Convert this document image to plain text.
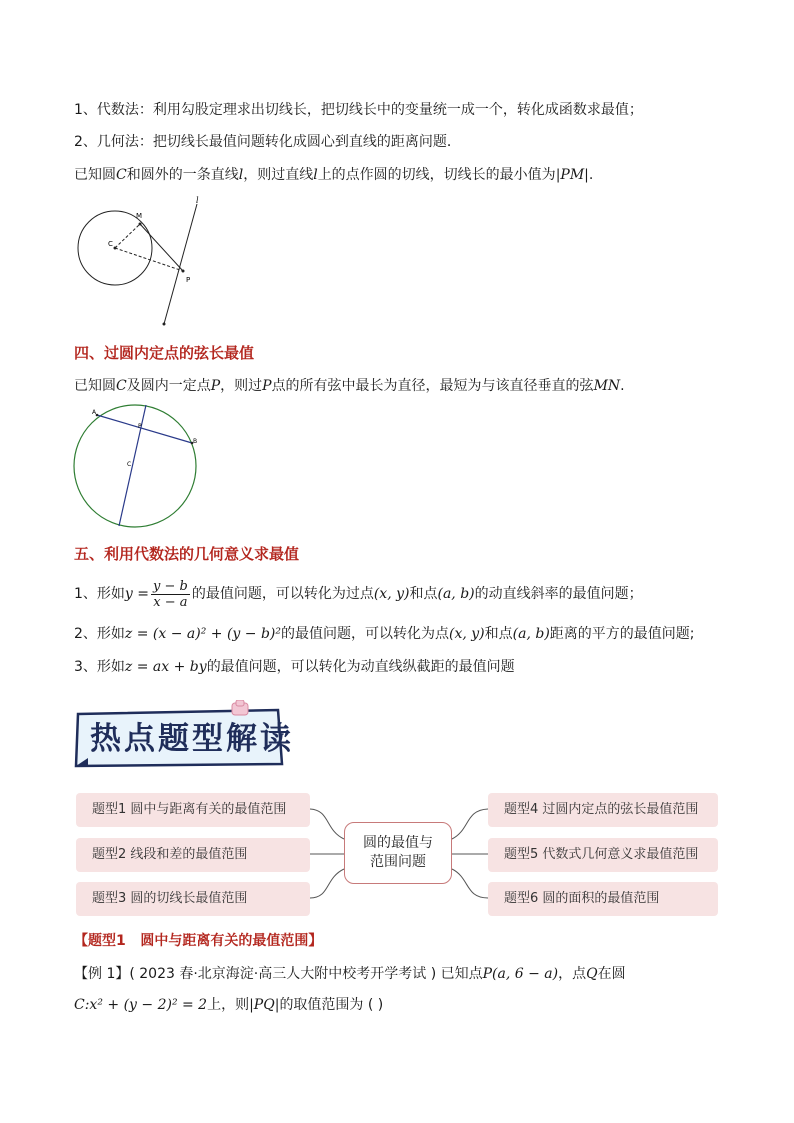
1、代数法：利用勾股定理求出切线长，把切线长中的变量统一成一个，转化成函数求最值；
2、几何法：把切线长最值问题转化成圆心到直线的距离问题．
已知圆C和圆外的一条直线l，则过直线l上的点作圆的切线，切线长的最小值为|PM|.
M
C
P
l
四、过圆内定点的弦长最值
已知圆C及圆内一定点P，则过P点的所有弦中最长为直径，最短为与该直径垂直的弦MN.
A
B
P
C
五、利用代数法的几何意义求最值
1、形如$y = \frac{y - b}{x - a}$ 的最值问题，可以转化为过点(x, y)和点(a, b)的动直线斜率的最值问题；
2、形如z = (x − a)² + (y − b)²的最值问题，可以转化为点(x, y)和点(a, b)距离的平方的最值问题;
3、形如z = ax + by的最值问题，可以转化为动直线纵截距的最值问题
热点题型解读
题型1 圆中与距离有关的最值范围
题型2 线段和差的最值范围
题型3 圆的切线长最值范围
圆的最值与
范围问题
题型4 过圆内定点的弦长最值范围
题型5 代数式几何意义求最值范围
题型6 圆的面积的最值范围
【题型1   圆中与距离有关的最值范围】
【例 1】( 2023 春·北京海淀·高三人大附中校考开学考试 ) 已知点P(a, 6 − a)，点Q在圆
C:x² + (y − 2)² = 2上，则|PQ|的取值范围为 ( )
